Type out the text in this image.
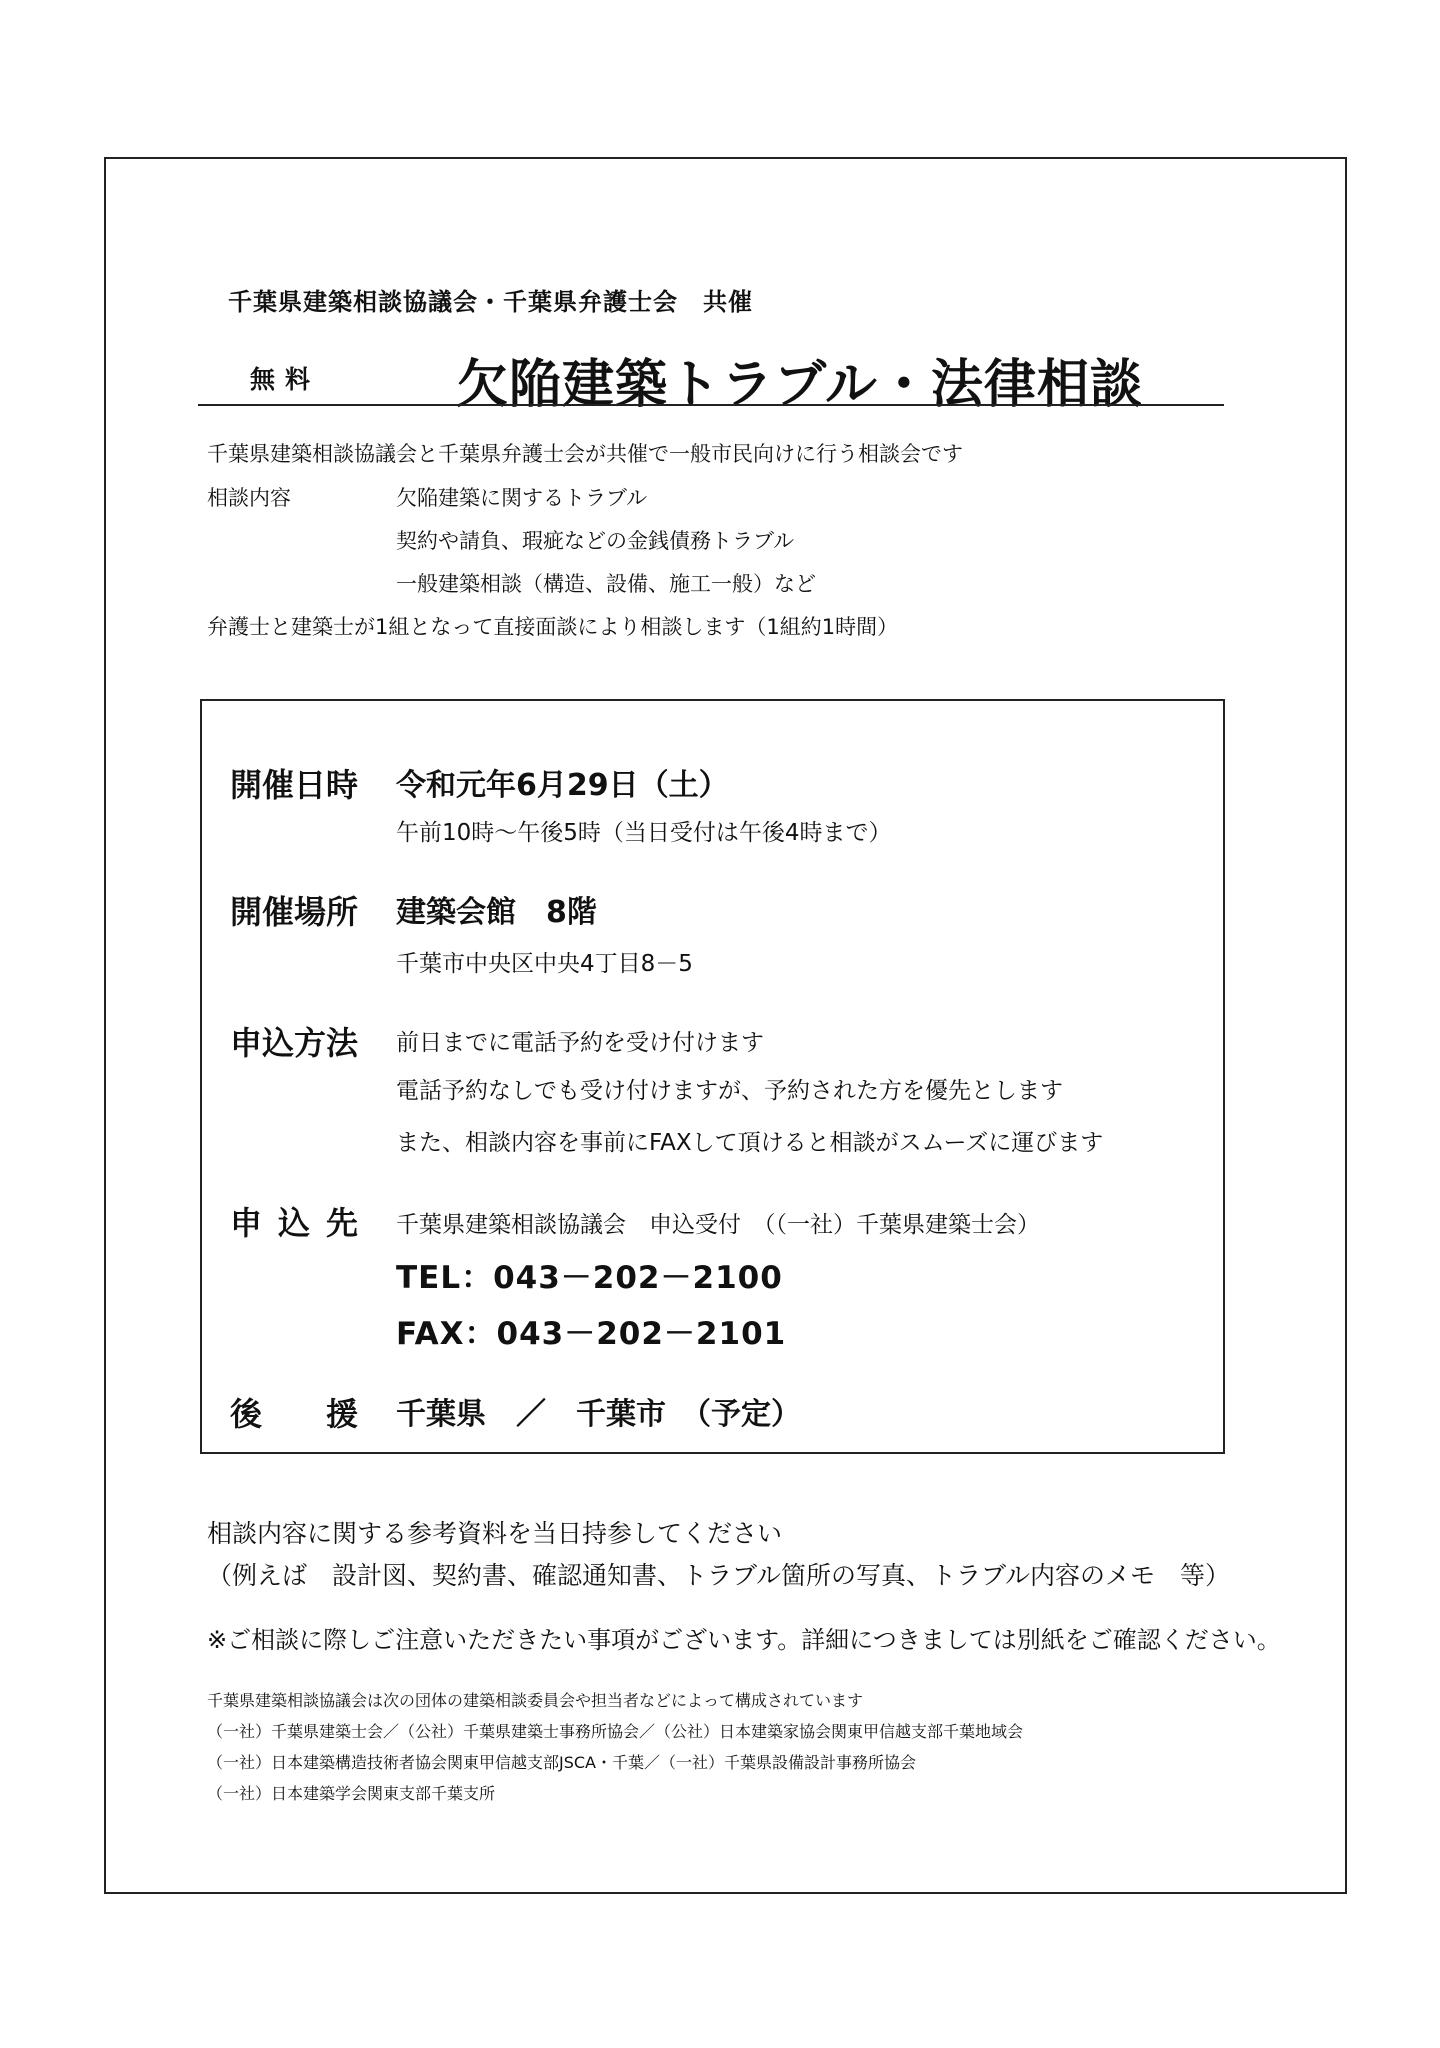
千葉県建築相談協議会・千葉県弁護士会　共催
無料	欠陥建築トラブル・法律相談
千葉県建築相談協議会と千葉県弁護士会が共催で一般市民向けに行う相談会です
相談内容	欠陥建築に関するトラブル
契約や請負、瑕疵などの金銭債務トラブル
一般建築相談（構造、設備、施工一般）など
弁護士と建築士が1組となって直接面談により相談します（1組約1時間）
開催日時 令和元年6月29日（土）
午前10時～午後5時（当日受付は午後4時まで）
開催場所 建築会館　8階
千葉市中央区中央4丁目8－5
申込方法 前日までに電話予約を受け付けます
電話予約なしでも受け付けますが、予約された方を優先とします
また、相談内容を事前にFAXして頂けると相談がスムーズに運びます
申込先 千葉県建築相談協議会　申込受付　（（一社）千葉県建築士会）
TEL：043－202－2100
FAX：043－202－2101
後援
千葉県　／　千葉市　（予定）
相談内容に関する参考資料を当日持参してください
（例えば　設計図、契約書、確認通知書、トラブル箇所の写真、トラブル内容のメモ　等）
※ご相談に際しご注意いただきたい事項がございます。詳細につきましては別紙をご確認ください。
千葉県建築相談協議会は次の団体の建築相談委員会や担当者などによって構成されています
（一社）千葉県建築士会／（公社）千葉県建築士事務所協会／（公社）日本建築家協会関東甲信越支部千葉地域会
（一社）日本建築構造技術者協会関東甲信越支部JSCA・千葉／（一社）千葉県設備設計事務所協会
（一社）日本建築学会関東支部千葉支所
